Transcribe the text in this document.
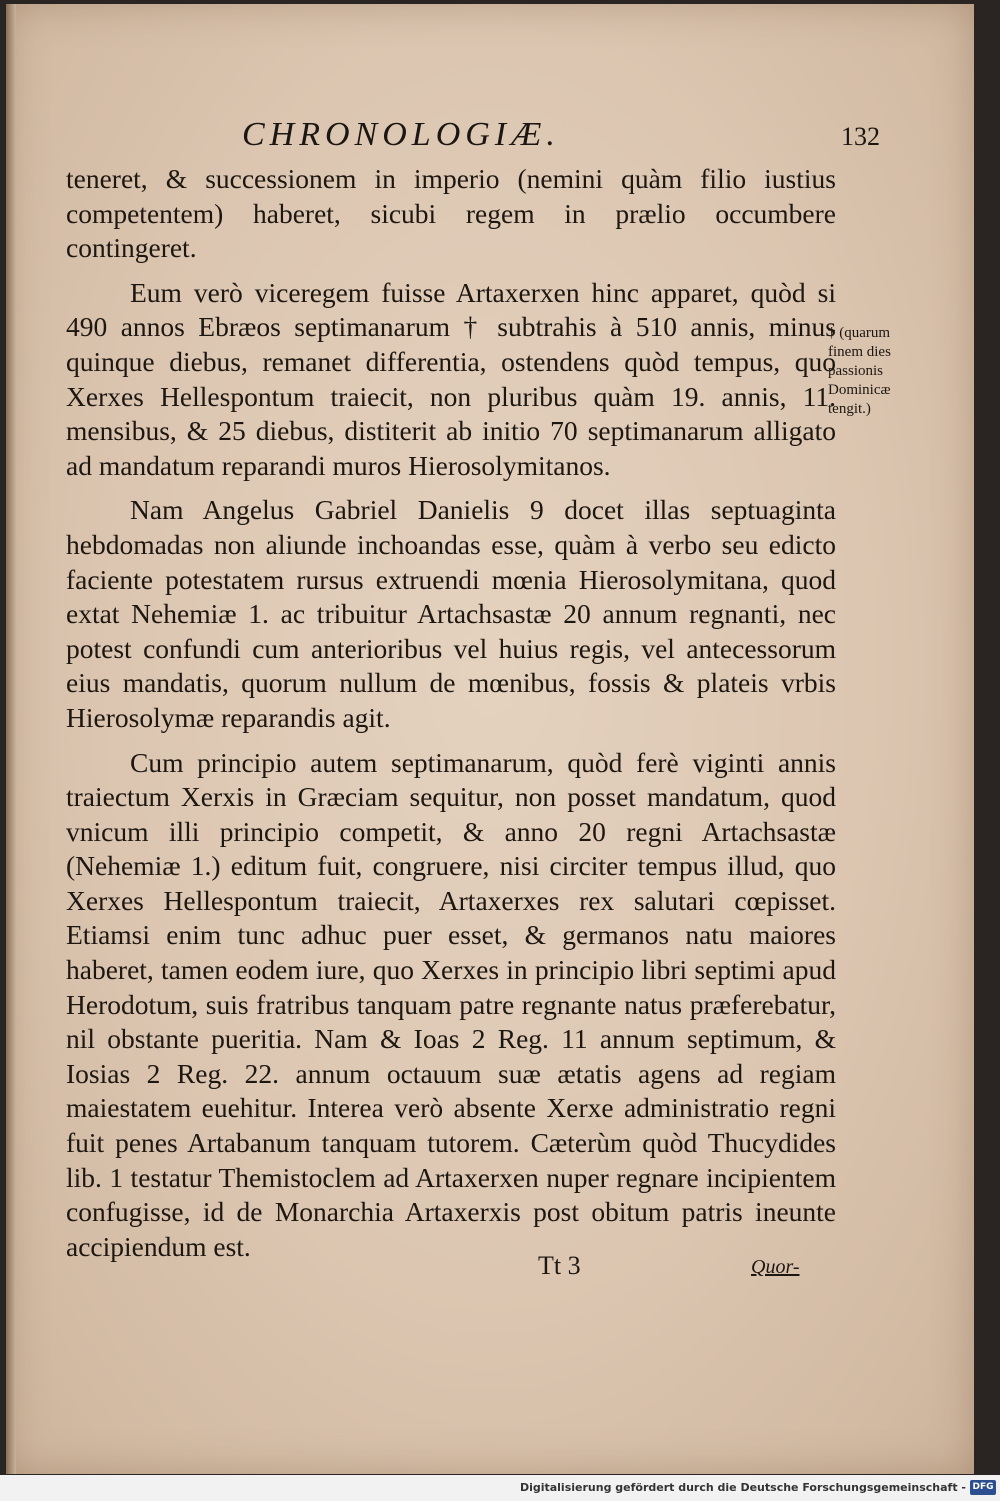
CHRONOLOGIÆ.	132

teneret, & successionem in imperio (nemini quàm filio iustius competentem) haberet, sicubi regem in prælio occumbere contingeret.

Eum verò viceregem fuisse Artaxerxen hinc apparet, quòd si 490 annos Ebræos septimanarum † subtrahis à 510 annis, minus quinque diebus, remanet differentia, ostendens quòd tempus, quo Xerxes Hellespontum traiecit, non pluribus quàm 19. annis, 11. mensibus, & 25 diebus, distiterit ab initio 70 septimanarum alligato ad mandatum reparandi muros Hierosolymitanos.

Nam Angelus Gabriel Danielis 9 docet illas septuaginta hebdomadas non aliunde inchoandas esse, quàm à verbo seu edicto faciente potestatem rursus extruendi mœnia Hierosolymitana, quod extat Nehemiæ 1. ac tribuitur Artachsastæ 20 annum regnanti, nec potest confundi cum anterioribus vel huius regis, vel antecessorum eius mandatis, quorum nullum de mœnibus, fossis & plateis vrbis Hierosolymæ reparandis agit.

Cum principio autem septimanarum, quòd ferè viginti annis traiectum Xerxis in Græciam sequitur, non posset mandatum, quod vnicum illi principio competit, & anno 20 regni Artachsastæ (Nehemiæ 1.) editum fuit, congruere, nisi circiter tempus illud, quo Xerxes Hellespontum traiecit, Artaxerxes rex salutari cœpisset. Etiamsi enim tunc adhuc puer esset, & germanos natu maiores haberet, tamen eodem iure, quo Xerxes in principio libri septimi apud Herodotum, suis fratribus tanquam patre regnante natus præferebatur, nil obstante pueritia. Nam & Ioas 2 Reg. 11 annum septimum, & Iosias 2 Reg. 22. annum octauum suæ ætatis agens ad regiam maiestatem euehitur. Interea verò absente Xerxe administratio regni fuit penes Artabanum tanquam tutorem. Cæterùm quòd Thucydides lib. 1 testatur Themistoclem ad Artaxerxen nuper regnare incipientem confugisse, id de Monarchia Artaxerxis post obitum patris ineunte accipiendum est.

† (quarum
finem dies
passionis
Dominicæ
tengit.)
Tt 3	Quor-
Digitalisierung gefördert durch die Deutsche Forschungsgemeinschaft - DFG
